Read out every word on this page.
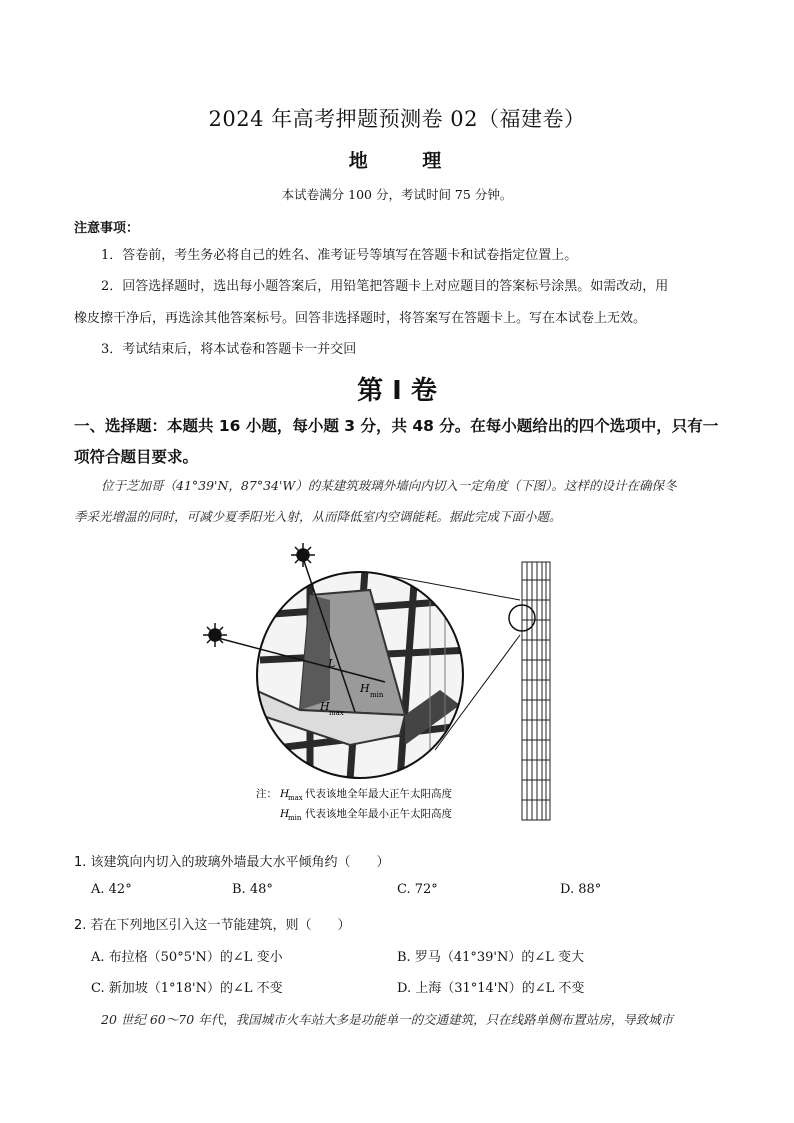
2024 年高考押题预测卷 02（福建卷）
地 理
本试卷满分 100 分，考试时间 75 分钟。
注意事项：
1．答卷前，考生务必将自己的姓名、准考证号等填写在答题卡和试卷指定位置上。
2．回答选择题时，选出每小题答案后，用铅笔把答题卡上对应题目的答案标号涂黑。如需改动，用
橡皮擦干净后，再选涂其他答案标号。回答非选择题时，将答案写在答题卡上。写在本试卷上无效。
3．考试结束后，将本试卷和答题卡一并交回
第 I 卷
一、选择题：本题共 16 小题，每小题 3 分，共 48 分。在每小题给出的四个选项中，只有一
项符合题目要求。
位于芝加哥（41°39'N，87°34'W）的某建筑玻璃外墙向内切入一定角度（下图）。这样的设计在确保冬
季采光增温的同时，可减少夏季阳光入射，从而降低室内空调能耗。据此完成下面小题。
L
H min
H max
注： H
max 代表该地全年最大正午太阳高度
H
min 代表该地全年最小正午太阳高度
1. 该建筑向内切入的玻璃外墙最大水平倾角约（　　）
A. 42°	B. 48°	C. 72°	D. 88°
2. 若在下列地区引入这一节能建筑，则（　　）
A. 布拉格（50°5'N）的∠L 变小	B. 罗马（41°39'N）的∠L 变大
C. 新加坡（1°18'N）的∠L 不变	D. 上海（31°14'N）的∠L 不变
20 世纪 60～70 年代，我国城市火车站大多是功能单一的交通建筑，只在线路单侧布置站房，导致城市
